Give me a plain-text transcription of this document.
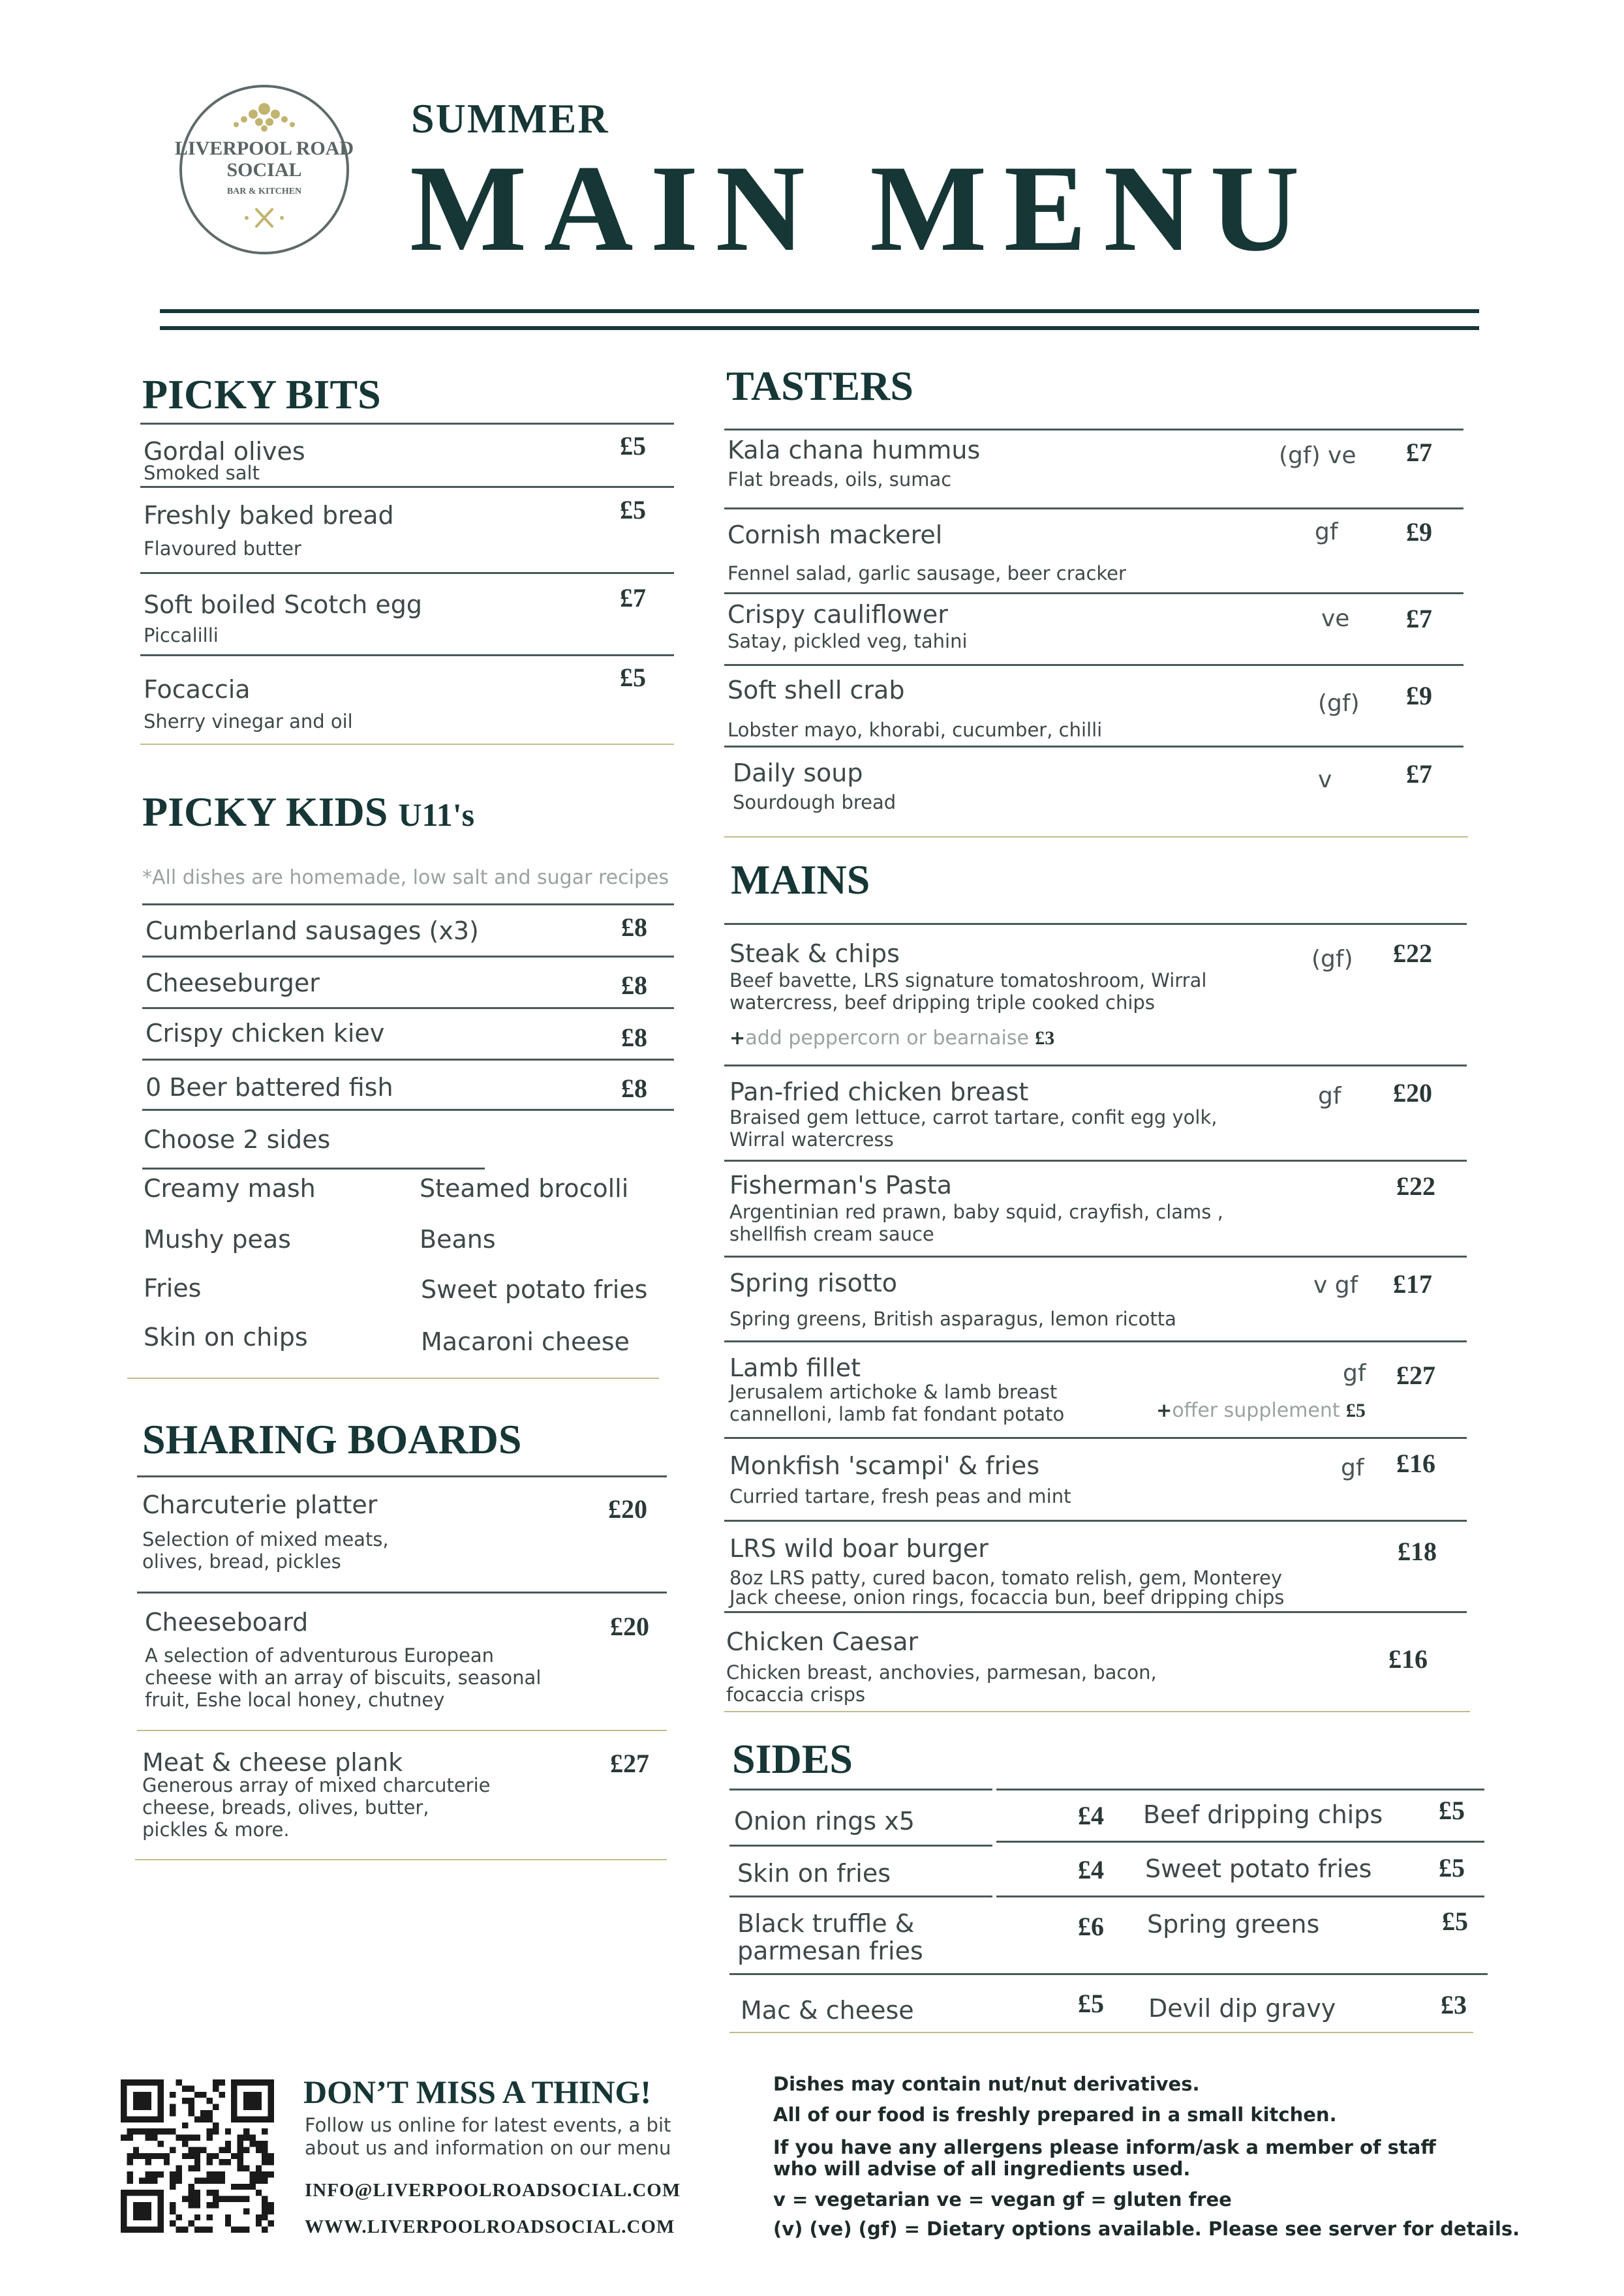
LIVERPOOL ROAD
SOCIAL
BAR & KITCHEN
SUMMER
MAIN MENU
PICKY BITS
Gordal olives
Smoked salt
£5
Freshly baked bread
Flavoured butter
£5
Soft boiled Scotch egg
Piccalilli
£7
Focaccia
Sherry vinegar and oil
£5
PICKY KIDS U11's
*All dishes are homemade, low salt and sugar recipes
Cumberland sausages (x3)	£8
Cheeseburger	£8
Crispy chicken kiev	£8
0 Beer battered fish	£8
Choose 2 sides
Creamy mash	Steamed brocolli
Mushy peas	Beans
Fries	Sweet potato fries
Skin on chips	Macaroni cheese
SHARING BOARDS
Charcuterie platter
Selection of mixed meats,
olives, bread, pickles
£20
Cheeseboard
A selection of adventurous European
cheese with an array of biscuits, seasonal
fruit, Eshe local honey, chutney
£20
Meat & cheese plank
Generous array of mixed charcuterie
cheese, breads, olives, butter,
pickles & more.
£27
TASTERS
Kala chana hummus
Flat breads, oils, sumac
(gf) ve £7
Cornish mackerel
Fennel salad, garlic sausage, beer cracker
gf	£9
Crispy cauliflower
Satay, pickled veg, tahini
ve £7
Soft shell crab
Lobster mayo, khorabi, cucumber, chilli
(gf) £9
Daily soup
Sourdough bread
v	£7
MAINS
Steak & chips
Beef bavette, LRS signature tomatoshroom, Wirral
watercress, beef dripping triple cooked chips
+add peppercorn or bearnaise £3
(gf) £22
Pan-fried chicken breast
Braised gem lettuce, carrot tartare, confit egg yolk,
Wirral watercress
gf £20
Fisherman's Pasta
Argentinian red prawn, baby squid, crayfish, clams ,
shellfish cream sauce
£22
Spring risotto
Spring greens, British asparagus, lemon ricotta
v gf £17
Lamb fillet
Jerusalem artichoke & lamb breast
cannelloni, lamb fat fondant potato	+offer supplement £5
gf £27
Monkfish 'scampi' & fries
Curried tartare, fresh peas and mint
gf £16
LRS wild boar burger
8oz LRS patty, cured bacon, tomato relish, gem, Monterey
Jack cheese, onion rings, focaccia bun, beef dripping chips
£18
Chicken Caesar
Chicken breast, anchovies, parmesan, bacon,
focaccia crisps
£16
SIDES
Onion rings x5	£4 Beef dripping chips £5
Skin on fries	£4 Sweet potato fries	£5
Black truffle &
parmesan fries
£6 Spring greens	£5
Mac & cheese	£5 Devil dip gravy	£3
DON’T MISS A THING!
Follow us online for latest events, a bit
about us and information on our menu
INFO@LIVERPOOLROADSOCIAL.COM
WWW.LIVERPOOLROADSOCIAL.COM
Dishes may contain nut/nut derivatives.
All of our food is freshly prepared in a small kitchen.
If you have any allergens please inform/ask a member of staff
who will advise of all ingredients used.
v = vegetarian ve = vegan gf = gluten free
(v) (ve) (gf) = Dietary options available. Please see server for details.
